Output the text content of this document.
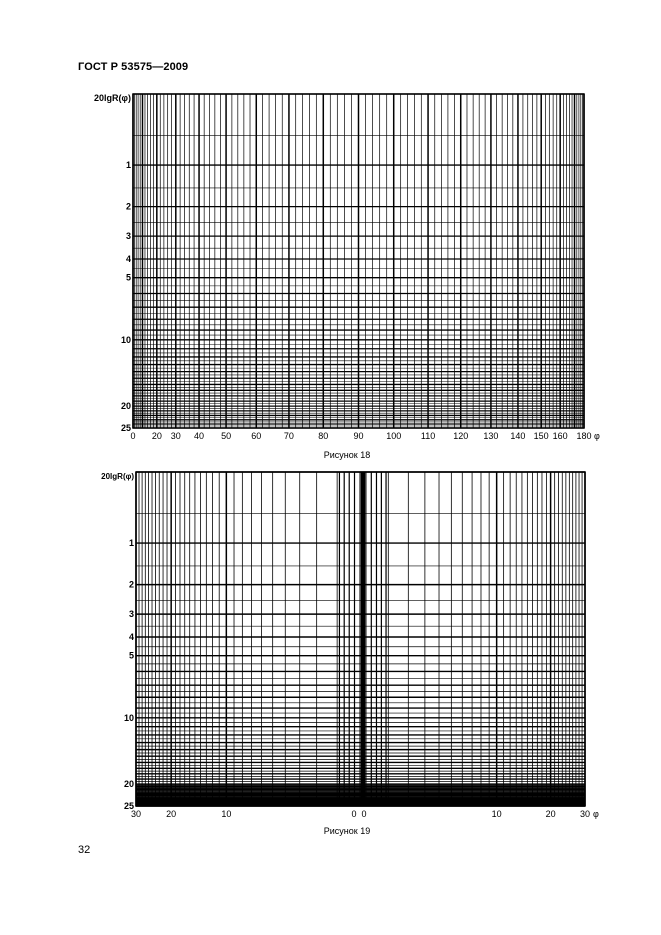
ГОСТ Р 53575—2009
20lgR(φ)
1
2
3
4
5
10
20
25
0 20 30 40 50 60	70	80	90	100 110 120 130 140 150 160 180 φ
Рисунок 18
20lgR(φ)
1
2
3
4
5
10
20
25
30	20	10	0 0	10	20	30 φ
Рисунок 19
32
